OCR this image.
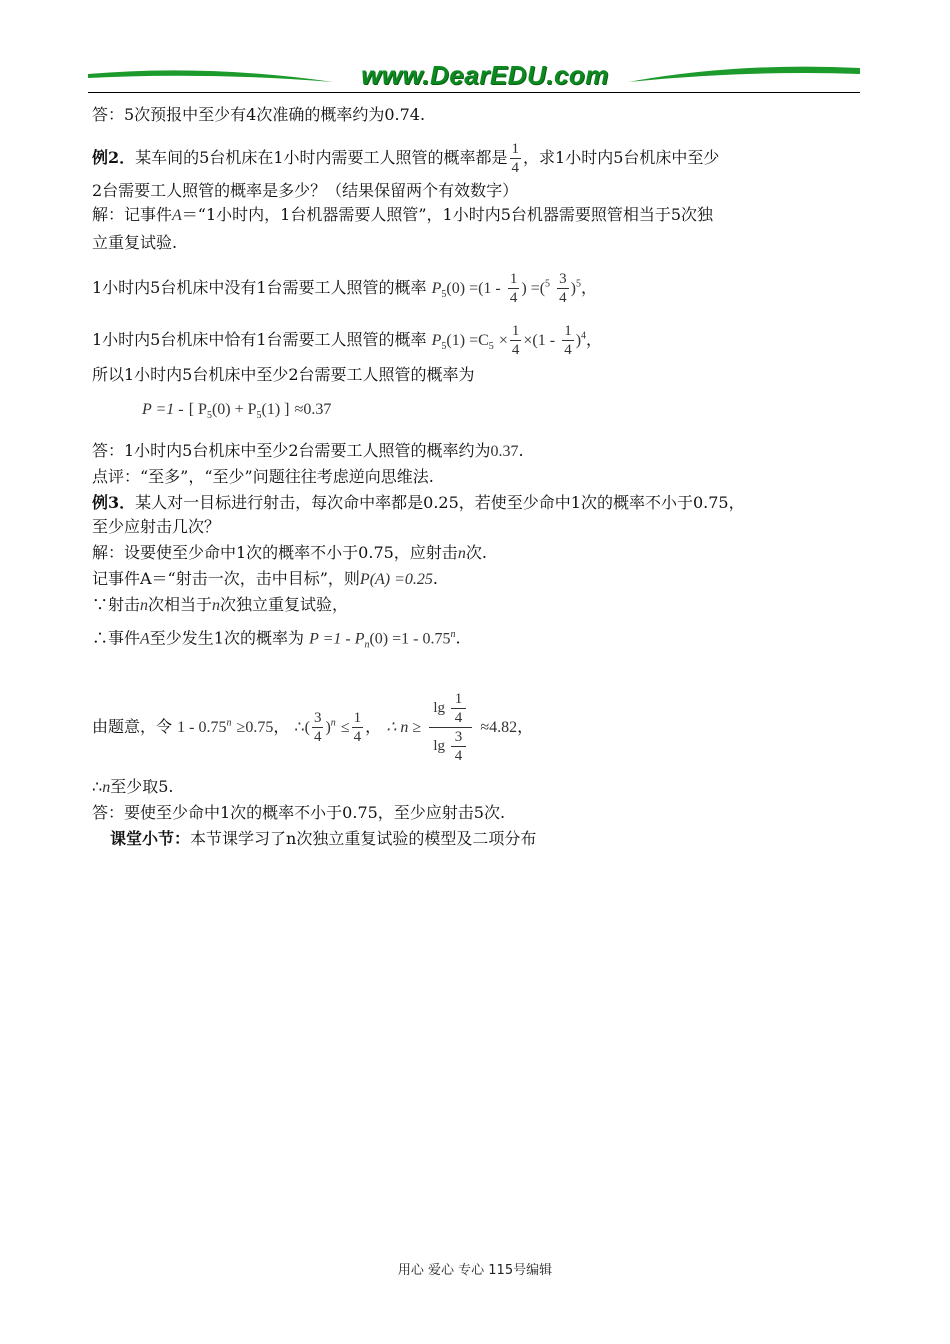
www.DearEDU.com
答：5次预报中至少有4次准确的概率约为0.74.
例2．某车间的5台机床在1小时内需要工人照管的概率都是 $\frac{1}{4}$ ，求1小时内5台机床中至少
2台需要工人照管的概率是多少？（结果保留两个有效数字）
解：记事件A＝“1小时内，1台机器需要人照管”，1小时内5台机器需要照管相当于5次独
立重复试验.
1小时内5台机床中没有1台需要工人照管的概率 $P_5(0) =(1 - \frac{1}{4}$ ) $=(^5 \frac{3}{4} )^5$，
1小时内5台机床中恰有1台需要工人照管的概率 $P_5(1) =C_5 \times \frac{1}{4} \times(1 - \frac{1}{4} )^4$，
所以1小时内5台机床中至少2台需要工人照管的概率为
P =1 - [ $P_5(0) + P_5(1)$ ] ≈0.37
答：1小时内5台机床中至少2台需要工人照管的概率约为0.37.
点评：“至多”，“至少”问题往往考虑逆向思维法.
例3．某人对一目标进行射击，每次命中率都是0.25，若使至少命中1次的概率不小于0.75，
至少应射击几次？
解：设要使至少命中1次的概率不小于0.75，应射击n次.
记事件A＝“射击一次，击中目标”，则P(A) =0.25.
∵射击n次相当于n次独立重复试验，
∴事件A至少发生1次的概率为 $P =1 - P_n(0) =1 - 0.75^n$.
由题意，令 $1 - 0.75^n \ge 0.75$， ∴( $\frac{3}{4} )^n \le \frac{1}{4}$ ， ∴ $n \ge \frac{\lg \frac{1}{4}}{\lg \frac{3}{4}} \approx 4.82$，
∴n至少取5.
答：要使至少命中1次的概率不小于0.75，至少应射击5次.
课堂小节：本节课学习了n次独立重复试验的模型及二项分布
用心 爱心 专心 115号编辑
